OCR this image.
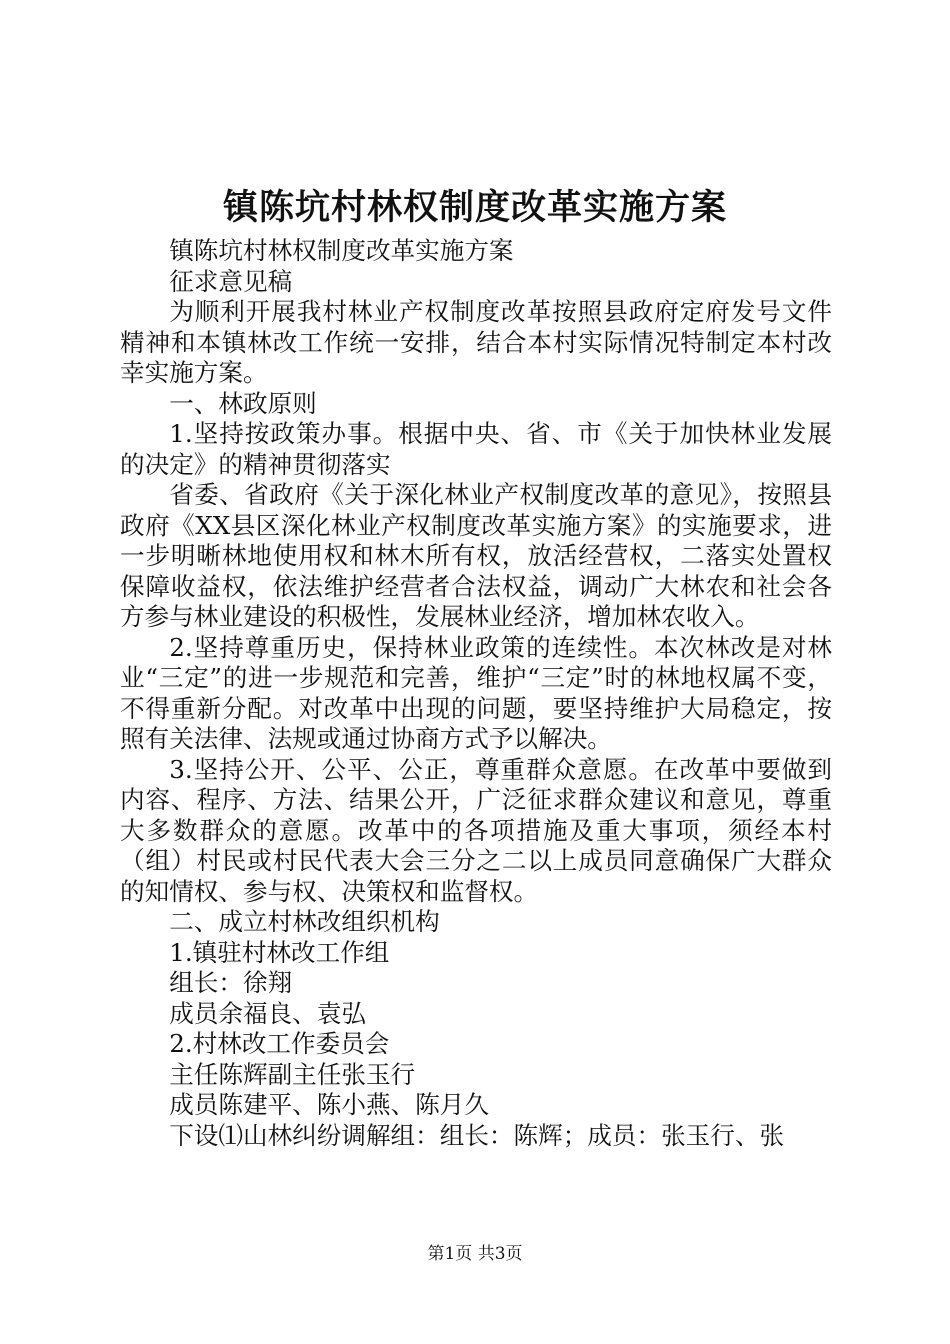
镇陈坑村林权制度改革实施方案

镇陈坑村林权制度改革实施方案

征求意见稿

为顺利开展我村林业产权制度改革按照县政府定府发号文件精神和本镇林改工作统一安排，结合本村实际情况特制定本村改幸实施方案。

一、林政原则

1.坚持按政策办事。根据中央、省、市《关于加快林业发展的决定》的精神贯彻落实

省委、省政府《关于深化林业产权制度改革的意见》，按照县政府《XX县区深化林业产权制度改革实施方案》的实施要求，进一步明晰林地使用权和林木所有权，放活经营权，二落实处置权保障收益权，依法维护经营者合法权益，调动广大林农和社会各方参与林业建设的积极性，发展林业经济，增加林农收入。

2.坚持尊重历史，保持林业政策的连续性。本次林改是对林业“三定”的进一步规范和完善，维护“三定”时的林地权属不变，不得重新分配。对改革中出现的问题，要坚持维护大局稳定，按照有关法律、法规或通过协商方式予以解决。

3.坚持公开、公平、公正，尊重群众意愿。在改革中要做到内容、程序、方法、结果公开，广泛征求群众建议和意见，尊重大多数群众的意愿。改革中的各项措施及重大事项，须经本村（组）村民或村民代表大会三分之二以上成员同意确保广大群众的知情权、参与权、决策权和监督权。

二、成立村林改组织机构

1.镇驻村林改工作组

组长：徐翔

成员余福良、袁弘

2.村林改工作委员会

主任陈辉副主任张玉行

成员陈建平、陈小燕、陈月久

下设⑴山林纠纷调解组：组长：陈辉；成员：张玉行、张

第1页 共3页
